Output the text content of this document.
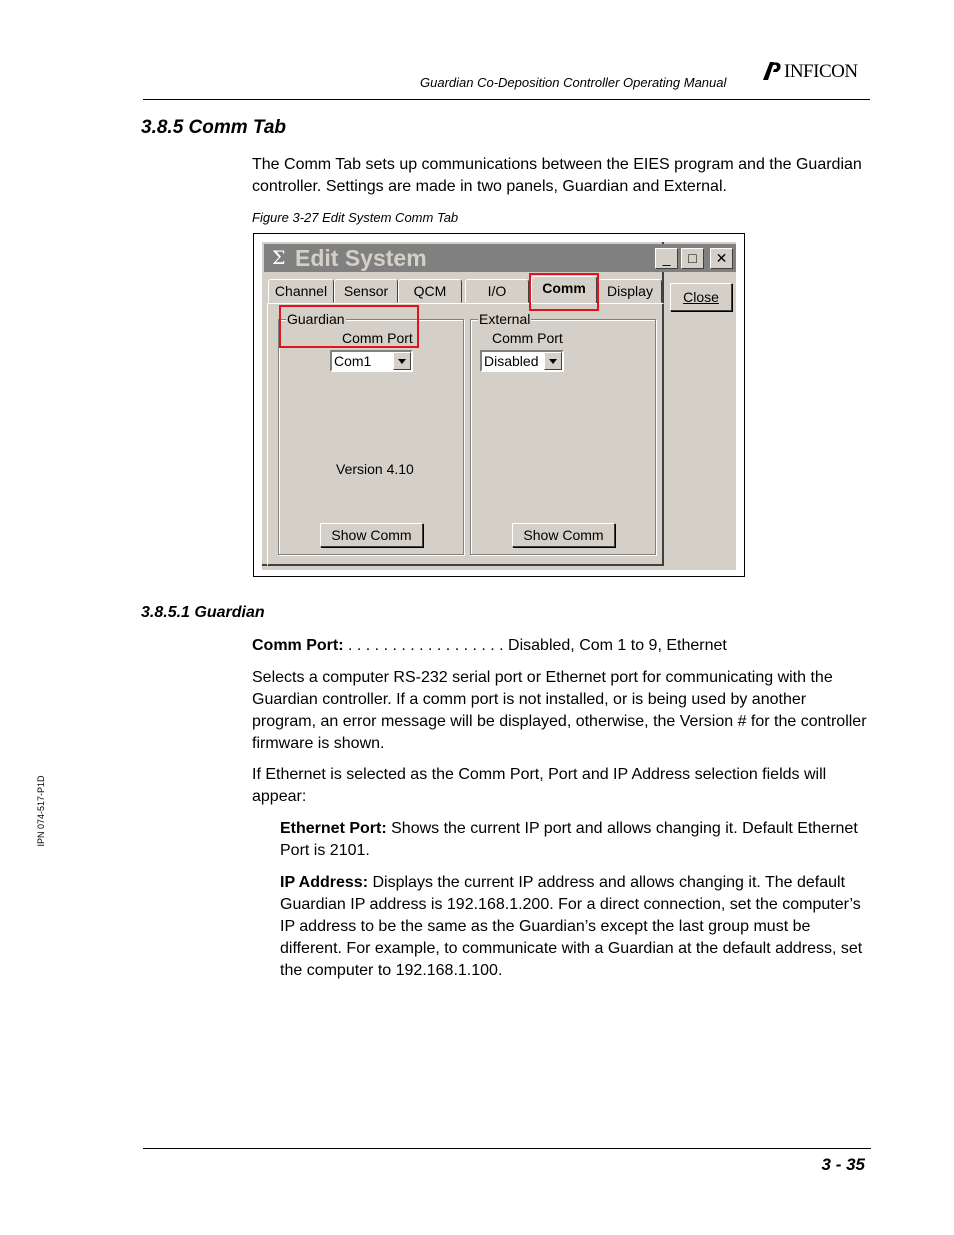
Guardian Co-Deposition Controller Operating Manual
INFICON
3.8.5 Comm Tab

The Comm Tab sets up communications between the EIES program and the Guardian controller. Settings are made in two panels, Guardian and External.

Figure 3-27 Edit System Comm Tab
Σ Edit System	_	□	✕
Channel	Sensor	QCM	I/O	Comm	Display	Close
Guardian
Comm Port
Com1
Version 4.10
Show Comm
External
Comm Port
Disabled
Show Comm
3.8.5.1 Guardian

Comm Port: . . . . . . . . . . . . . . . . . . Disabled, Com 1 to 9, Ethernet

Selects a computer RS-232 serial port or Ethernet port for communicating with the Guardian controller. If a comm port is not installed, or is being used by another program, an error message will be displayed, otherwise, the Version # for the controller firmware is shown.

If Ethernet is selected as the Comm Port, Port and IP Address selection fields will appear:

Ethernet Port: Shows the current IP port and allows changing it. Default Ethernet Port is 2101.

IP Address: Displays the current IP address and allows changing it. The default Guardian IP address is 192.168.1.200. For a direct connection, set the computer’s IP address to be the same as the Guardian’s except the last group must be different. For example, to communicate with a Guardian at the default address, set the computer to 192.168.1.100.

IPN 074-517-P1D
3 - 35
